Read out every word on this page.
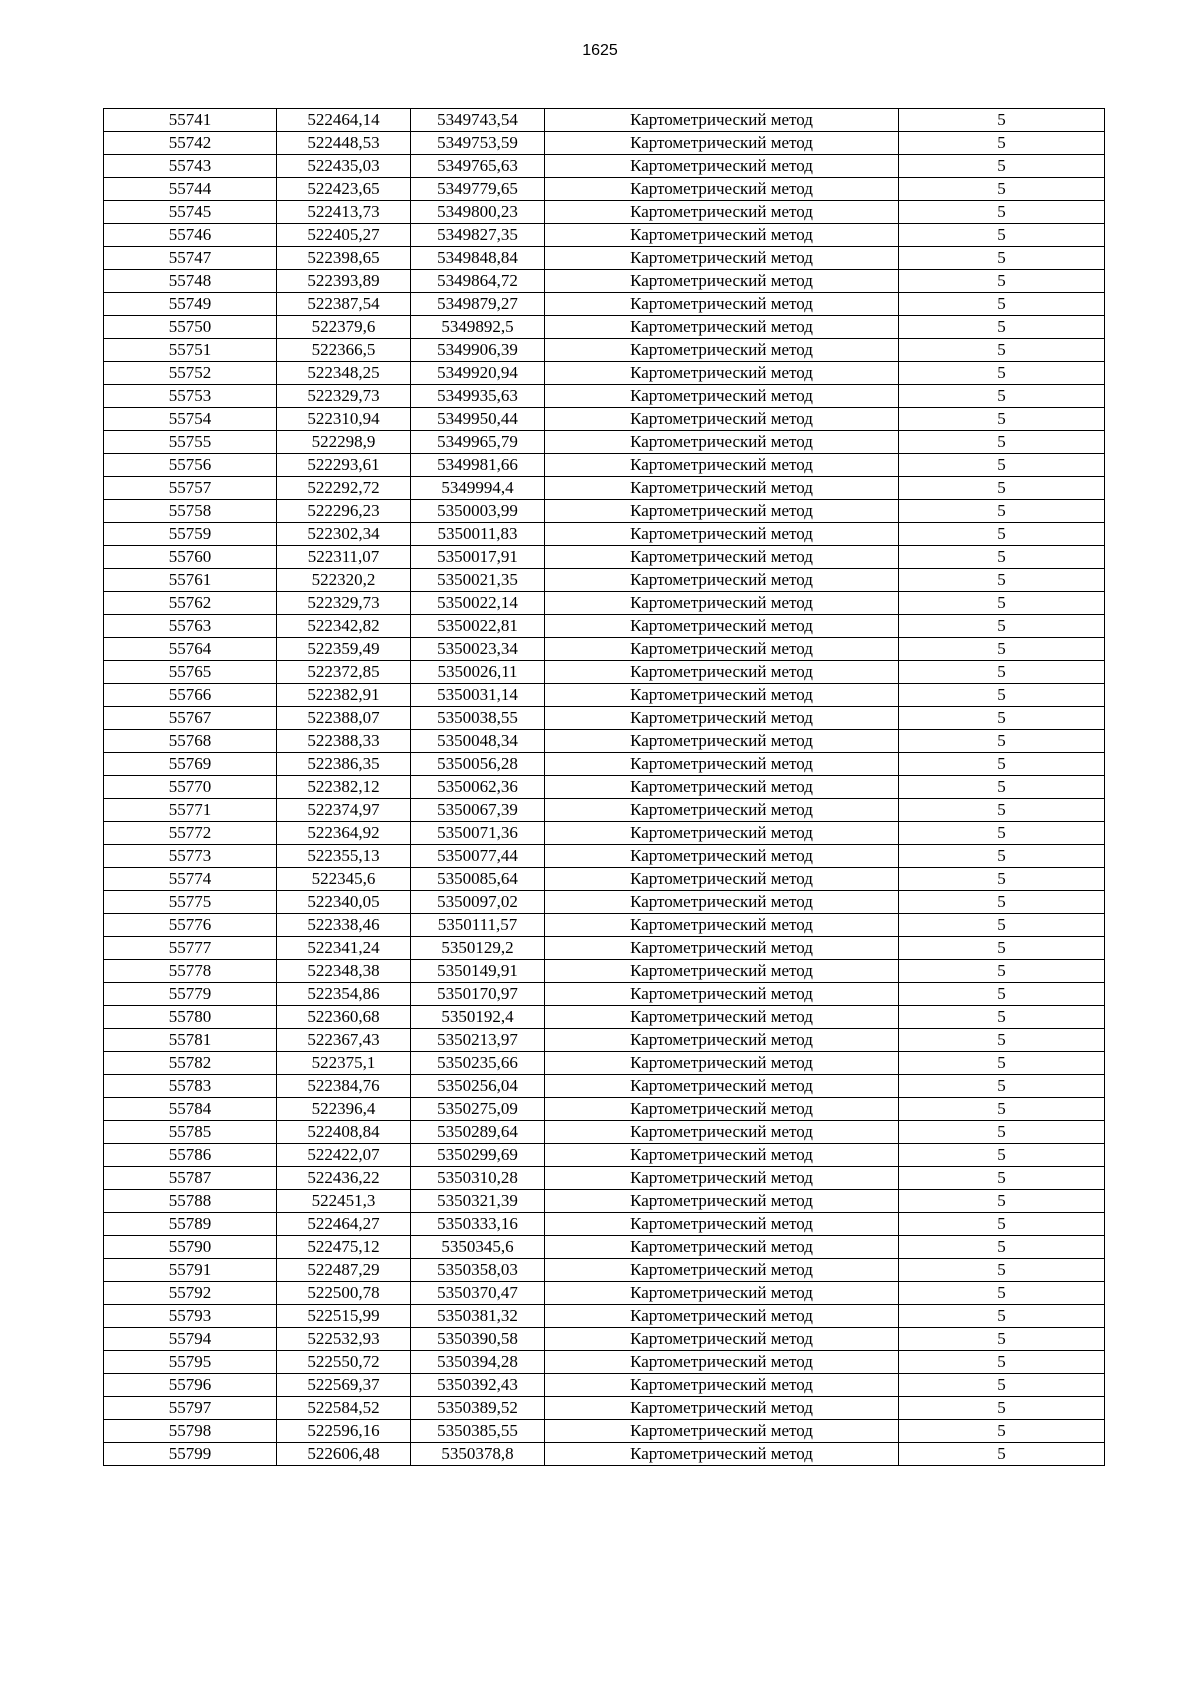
1625
55741	522464,14	5349743,54	Картометрический метод	5
55742	522448,53	5349753,59	Картометрический метод	5
55743	522435,03	5349765,63	Картометрический метод	5
55744	522423,65	5349779,65	Картометрический метод	5
55745	522413,73	5349800,23	Картометрический метод	5
55746	522405,27	5349827,35	Картометрический метод	5
55747	522398,65	5349848,84	Картометрический метод	5
55748	522393,89	5349864,72	Картометрический метод	5
55749	522387,54	5349879,27	Картометрический метод	5
55750	522379,6	5349892,5	Картометрический метод	5
55751	522366,5	5349906,39	Картометрический метод	5
55752	522348,25	5349920,94	Картометрический метод	5
55753	522329,73	5349935,63	Картометрический метод	5
55754	522310,94	5349950,44	Картометрический метод	5
55755	522298,9	5349965,79	Картометрический метод	5
55756	522293,61	5349981,66	Картометрический метод	5
55757	522292,72	5349994,4	Картометрический метод	5
55758	522296,23	5350003,99	Картометрический метод	5
55759	522302,34	5350011,83	Картометрический метод	5
55760	522311,07	5350017,91	Картометрический метод	5
55761	522320,2	5350021,35	Картометрический метод	5
55762	522329,73	5350022,14	Картометрический метод	5
55763	522342,82	5350022,81	Картометрический метод	5
55764	522359,49	5350023,34	Картометрический метод	5
55765	522372,85	5350026,11	Картометрический метод	5
55766	522382,91	5350031,14	Картометрический метод	5
55767	522388,07	5350038,55	Картометрический метод	5
55768	522388,33	5350048,34	Картометрический метод	5
55769	522386,35	5350056,28	Картометрический метод	5
55770	522382,12	5350062,36	Картометрический метод	5
55771	522374,97	5350067,39	Картометрический метод	5
55772	522364,92	5350071,36	Картометрический метод	5
55773	522355,13	5350077,44	Картометрический метод	5
55774	522345,6	5350085,64	Картометрический метод	5
55775	522340,05	5350097,02	Картометрический метод	5
55776	522338,46	5350111,57	Картометрический метод	5
55777	522341,24	5350129,2	Картометрический метод	5
55778	522348,38	5350149,91	Картометрический метод	5
55779	522354,86	5350170,97	Картометрический метод	5
55780	522360,68	5350192,4	Картометрический метод	5
55781	522367,43	5350213,97	Картометрический метод	5
55782	522375,1	5350235,66	Картометрический метод	5
55783	522384,76	5350256,04	Картометрический метод	5
55784	522396,4	5350275,09	Картометрический метод	5
55785	522408,84	5350289,64	Картометрический метод	5
55786	522422,07	5350299,69	Картометрический метод	5
55787	522436,22	5350310,28	Картометрический метод	5
55788	522451,3	5350321,39	Картометрический метод	5
55789	522464,27	5350333,16	Картометрический метод	5
55790	522475,12	5350345,6	Картометрический метод	5
55791	522487,29	5350358,03	Картометрический метод	5
55792	522500,78	5350370,47	Картометрический метод	5
55793	522515,99	5350381,32	Картометрический метод	5
55794	522532,93	5350390,58	Картометрический метод	5
55795	522550,72	5350394,28	Картометрический метод	5
55796	522569,37	5350392,43	Картометрический метод	5
55797	522584,52	5350389,52	Картометрический метод	5
55798	522596,16	5350385,55	Картометрический метод	5
55799	522606,48	5350378,8	Картометрический метод	5
